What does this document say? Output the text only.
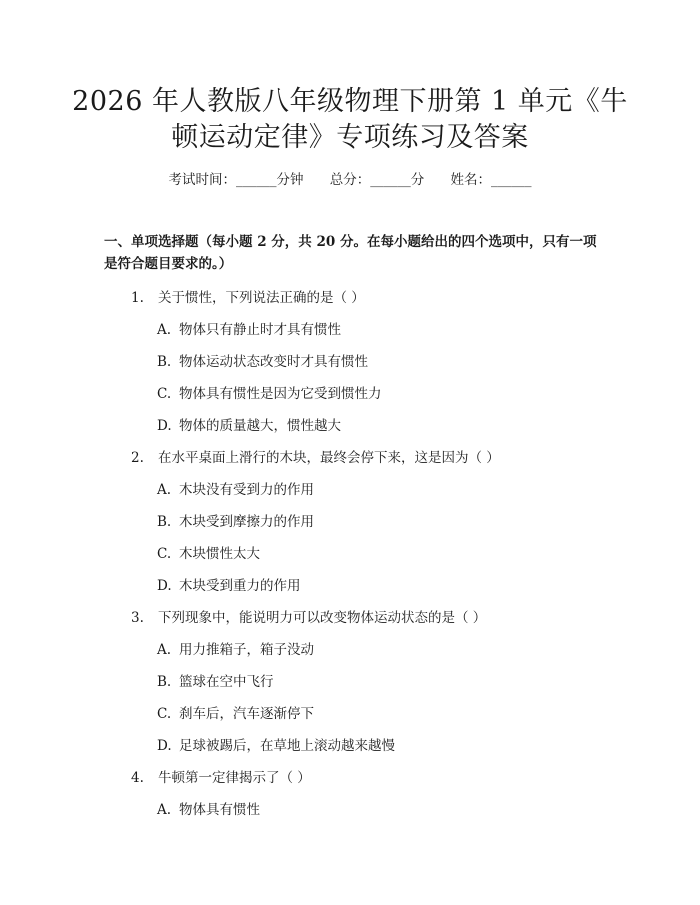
2026 年人教版八年级物理下册第 1 单元《牛
顿运动定律》专项练习及答案
考试时间：______分钟 总分：______分 姓名：______
一、单项选择题（每小题 2 分，共 20 分。在每小题给出的四个选项中，只有一项
是符合题目要求的。）
1. 关于惯性，下列说法正确的是（ ）
A. 物体只有静止时才具有惯性
B. 物体运动状态改变时才具有惯性
C. 物体具有惯性是因为它受到惯性力
D. 物体的质量越大，惯性越大
2. 在水平桌面上滑行的木块，最终会停下来，这是因为（ ）
A. 木块没有受到力的作用
B. 木块受到摩擦力的作用
C. 木块惯性太大
D. 木块受到重力的作用
3. 下列现象中，能说明力可以改变物体运动状态的是（ ）
A. 用力推箱子，箱子没动
B. 篮球在空中飞行
C. 刹车后，汽车逐渐停下
D. 足球被踢后，在草地上滚动越来越慢
4. 牛顿第一定律揭示了（ ）
A. 物体具有惯性
